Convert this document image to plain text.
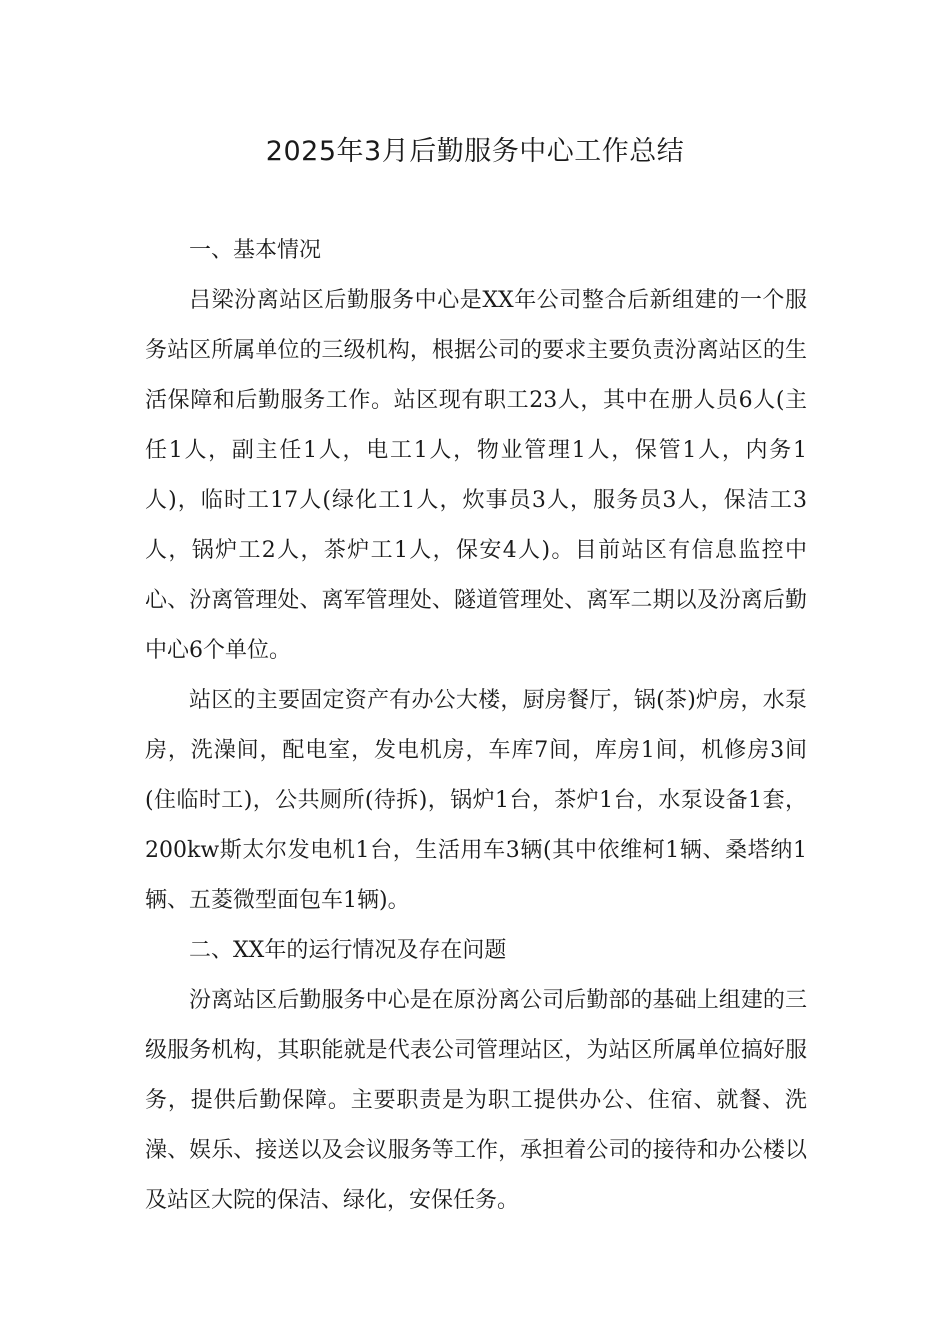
2025年3月后勤服务中心工作总结

一、基本情况

吕梁汾离站区后勤服务中心是XX年公司整合后新组建的一个服务站区所属单位的三级机构，根据公司的要求主要负责汾离站区的生活保障和后勤服务工作。站区现有职工23人，其中在册人员6人(主任1人，副主任1人，电工1人，物业管理1人，保管1人，内务1人)，临时工17人(绿化工1人，炊事员3人，服务员3人，保洁工3人，锅炉工2人，茶炉工1人，保安4人)。目前站区有信息监控中心、汾离管理处、离军管理处、隧道管理处、离军二期以及汾离后勤中心6个单位。

站区的主要固定资产有办公大楼，厨房餐厅，锅(茶)炉房，水泵房，洗澡间，配电室，发电机房，车库7间，库房1间，机修房3间(住临时工)，公共厕所(待拆)，锅炉1台，茶炉1台，水泵设备1套，200kw斯太尔发电机1台，生活用车3辆(其中依维柯1辆、桑塔纳1辆、五菱微型面包车1辆)。

二、XX年的运行情况及存在问题

汾离站区后勤服务中心是在原汾离公司后勤部的基础上组建的三级服务机构，其职能就是代表公司管理站区，为站区所属单位搞好服务，提供后勤保障。主要职责是为职工提供办公、住宿、就餐、洗澡、娱乐、接送以及会议服务等工作，承担着公司的接待和办公楼以及站区大院的保洁、绿化，安保任务。
